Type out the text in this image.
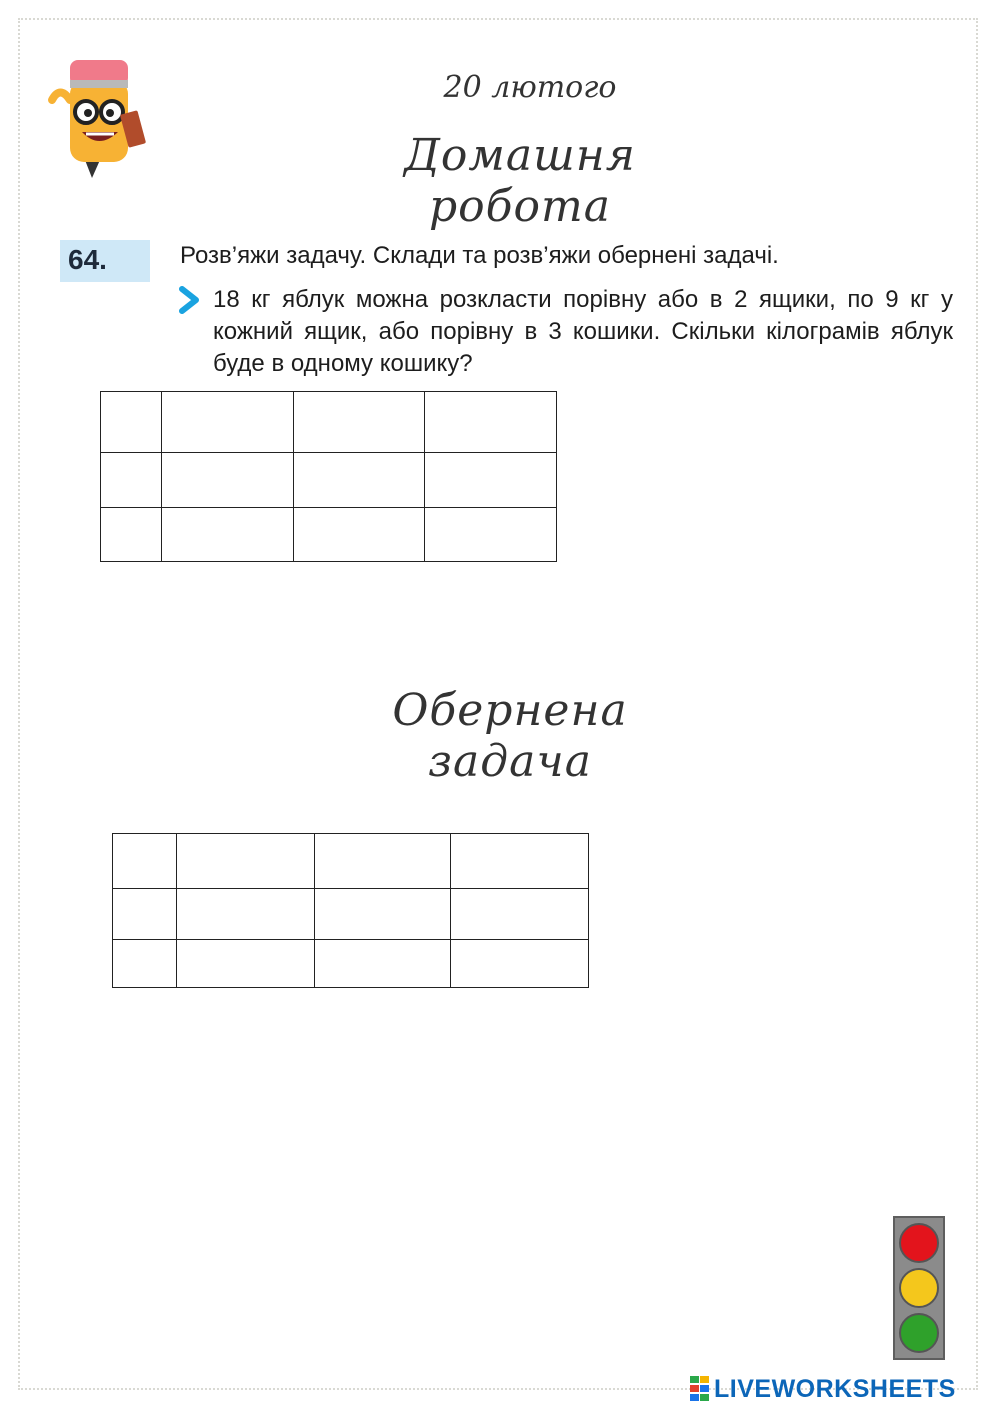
20 лютого
Домашня робота
64.	Розв’яжи задачу. Склади та розв’яжи обернені задачі.
18 кг яблук можна розкласти порівну або в 2 ящики, по 9 кг у кожний ящик, або порівну в 3 кошики. Скільки кілограмів яблук буде в одному кошику?

Обернена задача

LIVEWORKSHEETS
